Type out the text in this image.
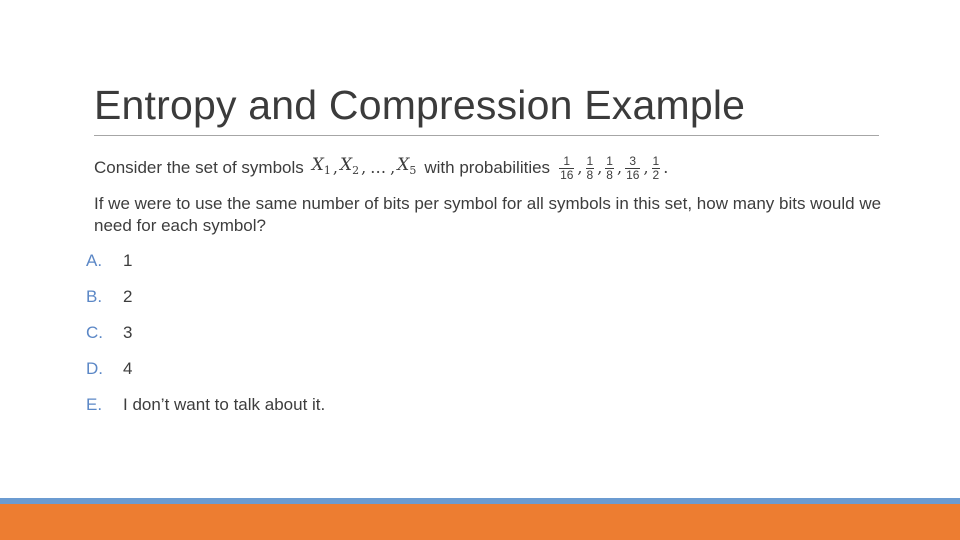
Entropy and Compression Example
Consider the set of symbols $X_1$ , $X_2$ , … , $X_5$ with probabilities $\frac{1}{16}$ , $\frac{1}{8}$ , $\frac{1}{8}$ , $\frac{3}{16}$ , $\frac{1}{2}$ .
If we were to use the same number of bits per symbol for all symbols in this set, how many bits would we need for each symbol?
A.	1
B.	2
C.	3
D.	4
E.	I don’t want to talk about it.
